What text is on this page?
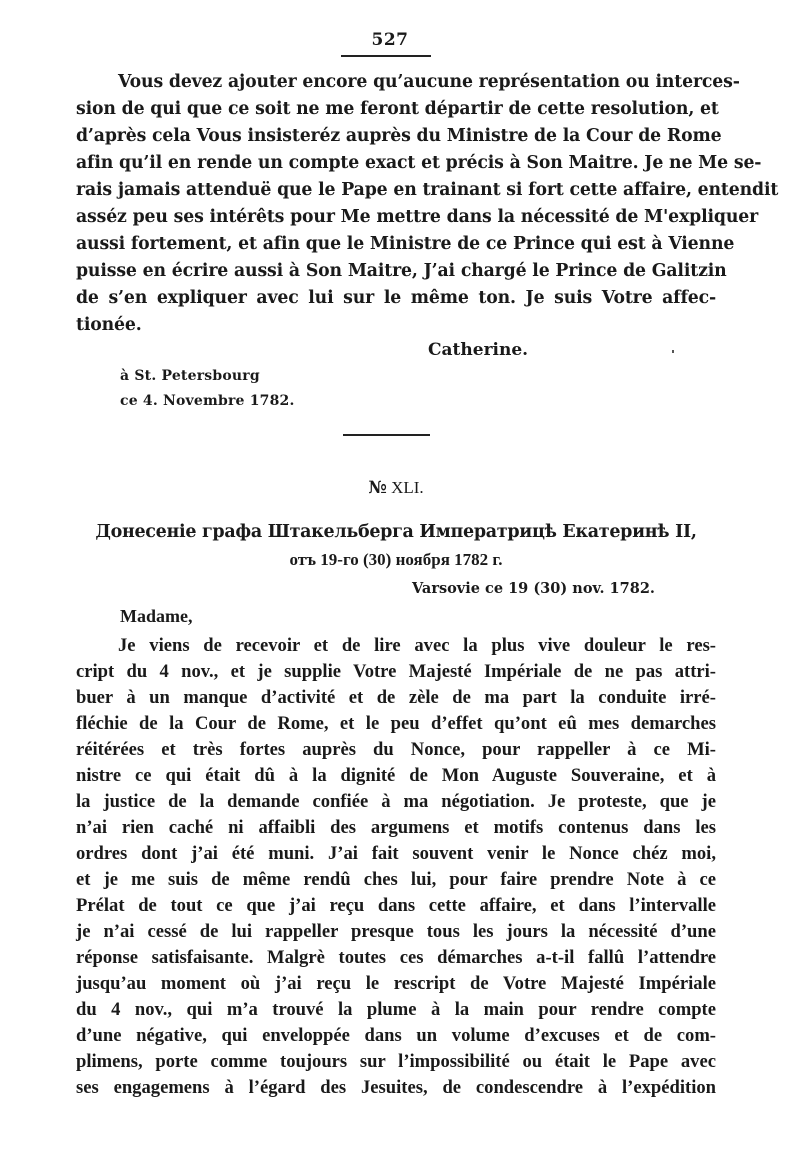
527
Vous devez ajouter encore qu’aucune représentation ou interces-
sion de qui que ce soit ne me feront départir de cette resolution, et
d’après cela Vous insisteréz auprès du Ministre de la Cour de Rome
afin qu’il en rende un compte exact et précis à Son Maitre. Je ne Me se-
rais jamais attenduë que le Pape en trainant si fort cette affaire, entendit
asséz peu ses intérêts pour Me mettre dans la nécessité de M'expliquer
aussi fortement, et afin que le Ministre de ce Prince qui est à Vienne
puisse en écrire aussi à Son Maitre, J’ai chargé le Prince de Galitzin
de s’en expliquer avec lui sur le même ton. Je suis Votre affec-
tionée.
Catherine.
à St. Petersbourg
ce 4. Novembre 1782.
№ XLI.
Донесеніе графа Штакельберга Императрицѣ Екатеринѣ II,
отъ 19-го (30) ноября 1782 г.
Varsovie ce 19 (30) nov. 1782.
Madame,
Je viens de recevoir et de lire avec la plus vive douleur le res-
cript du 4 nov., et je supplie Votre Majesté Impériale de ne pas attri-
buer à un manque d’activité et de zèle de ma part la conduite irré-
fléchie de la Cour de Rome, et le peu d’effet qu’ont eû mes demarches
réitérées et très fortes auprès du Nonce, pour rappeller à ce Mi-
nistre ce qui était dû à la dignité de Mon Auguste Souveraine, et à
la justice de la demande confiée à ma négotiation. Je proteste, que je
n’ai rien caché ni affaibli des argumens et motifs contenus dans les
ordres dont j’ai été muni. J’ai fait souvent venir le Nonce chéz moi,
et je me suis de même rendû ches lui, pour faire prendre Note à ce
Prélat de tout ce que j’ai reçu dans cette affaire, et dans l’intervalle
je n’ai cessé de lui rappeller presque tous les jours la nécessité d’une
réponse satisfaisante. Malgrè toutes ces démarches a-t-il fallû l’attendre
jusqu’au moment où j’ai reçu le rescript de Votre Majesté Impériale
du 4 nov., qui m’a trouvé la plume à la main pour rendre compte
d’une négative, qui enveloppée dans un volume d’excuses et de com-
plimens, porte comme toujours sur l’impossibilité ou était le Pape avec
ses engagemens à l’égard des Jesuites, de condescendre à l’expédition
